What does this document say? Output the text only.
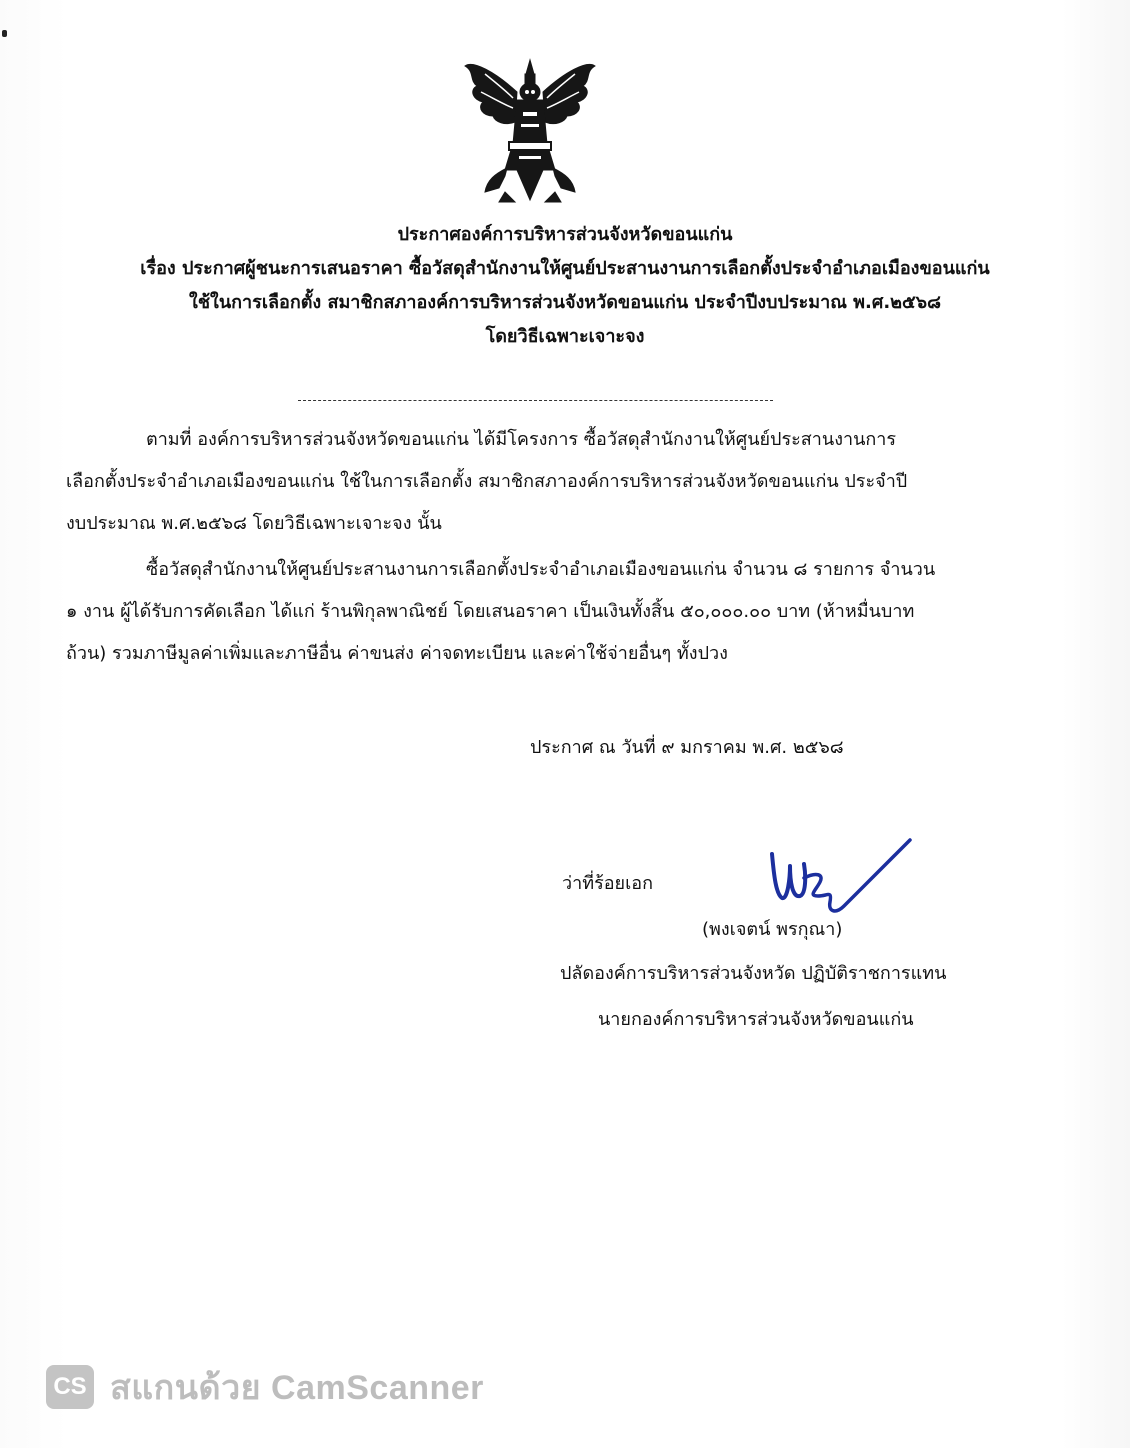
ประกาศองค์การบริหารส่วนจังหวัดขอนแก่น
เรื่อง ประกาศผู้ชนะการเสนอราคา ซื้อวัสดุสำนักงานให้ศูนย์ประสานงานการเลือกตั้งประจำอำเภอเมืองขอนแก่น
ใช้ในการเลือกตั้ง สมาชิกสภาองค์การบริหารส่วนจังหวัดขอนแก่น ประจำปีงบประมาณ พ.ศ.๒๕๖๘
โดยวิธีเฉพาะเจาะจง
ตามที่ องค์การบริหารส่วนจังหวัดขอนแก่น ได้มีโครงการ ซื้อวัสดุสำนักงานให้ศูนย์ประสานงานการ
เลือกตั้งประจำอำเภอเมืองขอนแก่น ใช้ในการเลือกตั้ง สมาชิกสภาองค์การบริหารส่วนจังหวัดขอนแก่น ประจำปี
งบประมาณ พ.ศ.๒๕๖๘ โดยวิธีเฉพาะเจาะจง นั้น
ซื้อวัสดุสำนักงานให้ศูนย์ประสานงานการเลือกตั้งประจำอำเภอเมืองขอนแก่น จำนวน ๘ รายการ จำนวน
๑ งาน ผู้ได้รับการคัดเลือก ได้แก่ ร้านพิกุลพาณิชย์ โดยเสนอราคา เป็นเงินทั้งสิ้น ๕๐,๐๐๐.๐๐ บาท (ห้าหมื่นบาท
ถ้วน) รวมภาษีมูลค่าเพิ่มและภาษีอื่น ค่าขนส่ง ค่าจดทะเบียน และค่าใช้จ่ายอื่นๆ ทั้งปวง
ประกาศ ณ วันที่ ๙ มกราคม พ.ศ. ๒๕๖๘
ว่าที่ร้อยเอก
(พงเจตน์ พรกุณา)
ปลัดองค์การบริหารส่วนจังหวัด ปฏิบัติราชการแทน
นายกองค์การบริหารส่วนจังหวัดขอนแก่น
CS สแกนด้วย CamScanner
